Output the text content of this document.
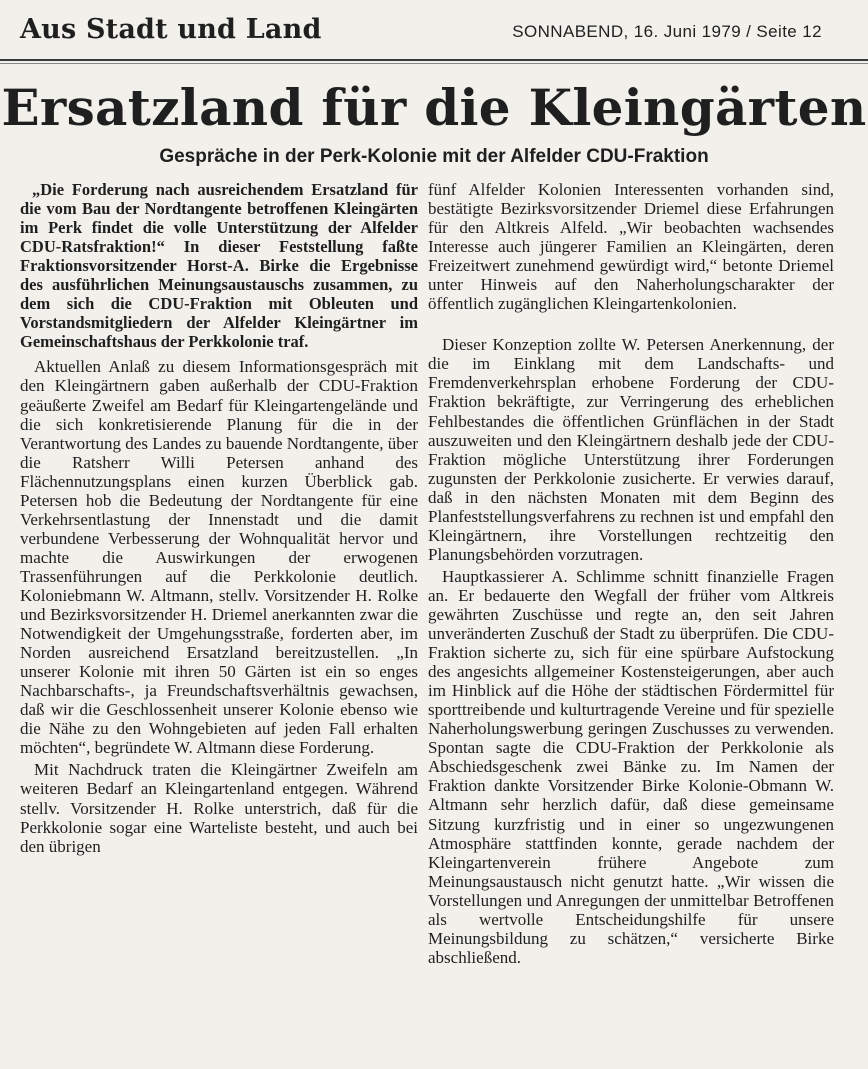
Aus Stadt und Land	SONNABEND, 16. Juni 1979 / Seite 12
Ersatzland für die Kleingärten
Gespräche in der Perk-Kolonie mit der Alfelder CDU-Fraktion

„Die Forderung nach ausreichendem Ersatzland für die vom Bau der Nordtangente betroffenen Kleingärten im Perk findet die volle Unterstützung der Alfelder CDU-Ratsfraktion!“ In dieser Feststellung faßte Fraktionsvorsitzender Horst-A. Birke die Ergebnisse des ausführlichen Meinungsaustauschs zusammen, zu dem sich die CDU-Fraktion mit Obleuten und Vorstandsmitgliedern der Alfelder Kleingärtner im Gemeinschaftshaus der Perkkolonie traf.

Aktuellen Anlaß zu diesem Informationsgespräch mit den Kleingärtnern gaben außerhalb der CDU-Fraktion geäußerte Zweifel am Bedarf für Kleingartengelände und die sich konkretisierende Planung für die in der Verantwortung des Landes zu bauende Nordtangente, über die Ratsherr Willi Petersen anhand des Flächennutzungsplans einen kurzen Überblick gab. Petersen hob die Bedeutung der Nordtangente für eine Verkehrsentlastung der Innenstadt und die damit verbundene Verbesserung der Wohnqualität hervor und machte die Auswirkungen der erwogenen Trassenführungen auf die Perkkolonie deutlich. Koloniebmann W. Altmann, stellv. Vorsitzender H. Rolke und Bezirksvorsitzender H. Driemel anerkannten zwar die Notwendigkeit der Umgehungsstraße, forderten aber, im Norden ausreichend Ersatzland bereitzustellen. „In unserer Kolonie mit ihren 50 Gärten ist ein so enges Nachbarschafts-, ja Freundschaftsverhältnis gewachsen, daß wir die Geschlossenheit unserer Kolonie ebenso wie die Nähe zu den Wohngebieten auf jeden Fall erhalten möchten“, begründete W. Altmann diese Forderung.

Mit Nachdruck traten die Kleingärtner Zweifeln am weiteren Bedarf an Kleingartenland entgegen. Während stellv. Vorsitzender H. Rolke unterstrich, daß für die Perkkolonie sogar eine Warteliste besteht, und auch bei den übrigen

fünf Alfelder Kolonien Interessenten vorhanden sind, bestätigte Bezirksvorsitzender Driemel diese Erfahrungen für den Altkreis Alfeld. „Wir beobachten wachsendes Interesse auch jüngerer Familien an Kleingärten, deren Freizeitwert zunehmend gewürdigt wird,“ betonte Driemel unter Hinweis auf den Naherholungscharakter der öffentlich zugänglichen Kleingartenkolonien.

Dieser Konzeption zollte W. Petersen Anerkennung, der die im Einklang mit dem Landschafts- und Fremdenverkehrsplan erhobene Forderung der CDU-Fraktion bekräftigte, zur Verringerung des erheblichen Fehlbestandes die öffentlichen Grünflächen in der Stadt auszuweiten und den Kleingärtnern deshalb jede der CDU-Fraktion mögliche Unterstützung ihrer Forderungen zugunsten der Perkkolonie zusicherte. Er verwies darauf, daß in den nächsten Monaten mit dem Beginn des Planfeststellungsverfahrens zu rechnen ist und empfahl den Kleingärtnern, ihre Vorstellungen rechtzeitig den Planungsbehörden vorzutragen.

Hauptkassierer A. Schlimme schnitt finanzielle Fragen an. Er bedauerte den Wegfall der früher vom Altkreis gewährten Zuschüsse und regte an, den seit Jahren unveränderten Zuschuß der Stadt zu überprüfen. Die CDU-Fraktion sicherte zu, sich für eine spürbare Aufstockung des angesichts allgemeiner Kostensteigerungen, aber auch im Hinblick auf die Höhe der städtischen Fördermittel für sporttreibende und kulturtragende Vereine und für spezielle Naherholungswerbung geringen Zuschusses zu verwenden. Spontan sagte die CDU-Fraktion der Perkkolonie als Abschiedsgeschenk zwei Bänke zu. Im Namen der Fraktion dankte Vorsitzender Birke Kolonie-Obmann W. Altmann sehr herzlich dafür, daß diese gemeinsame Sitzung kurzfristig und in einer so ungezwungenen Atmosphäre stattfinden konnte, gerade nachdem der Kleingartenverein frühere Angebote zum Meinungsaustausch nicht genutzt hatte. „Wir wissen die Vorstellungen und Anregungen der unmittelbar Betroffenen als wertvolle Entscheidungshilfe für unsere Meinungsbildung zu schätzen,“ versicherte Birke abschließend.
